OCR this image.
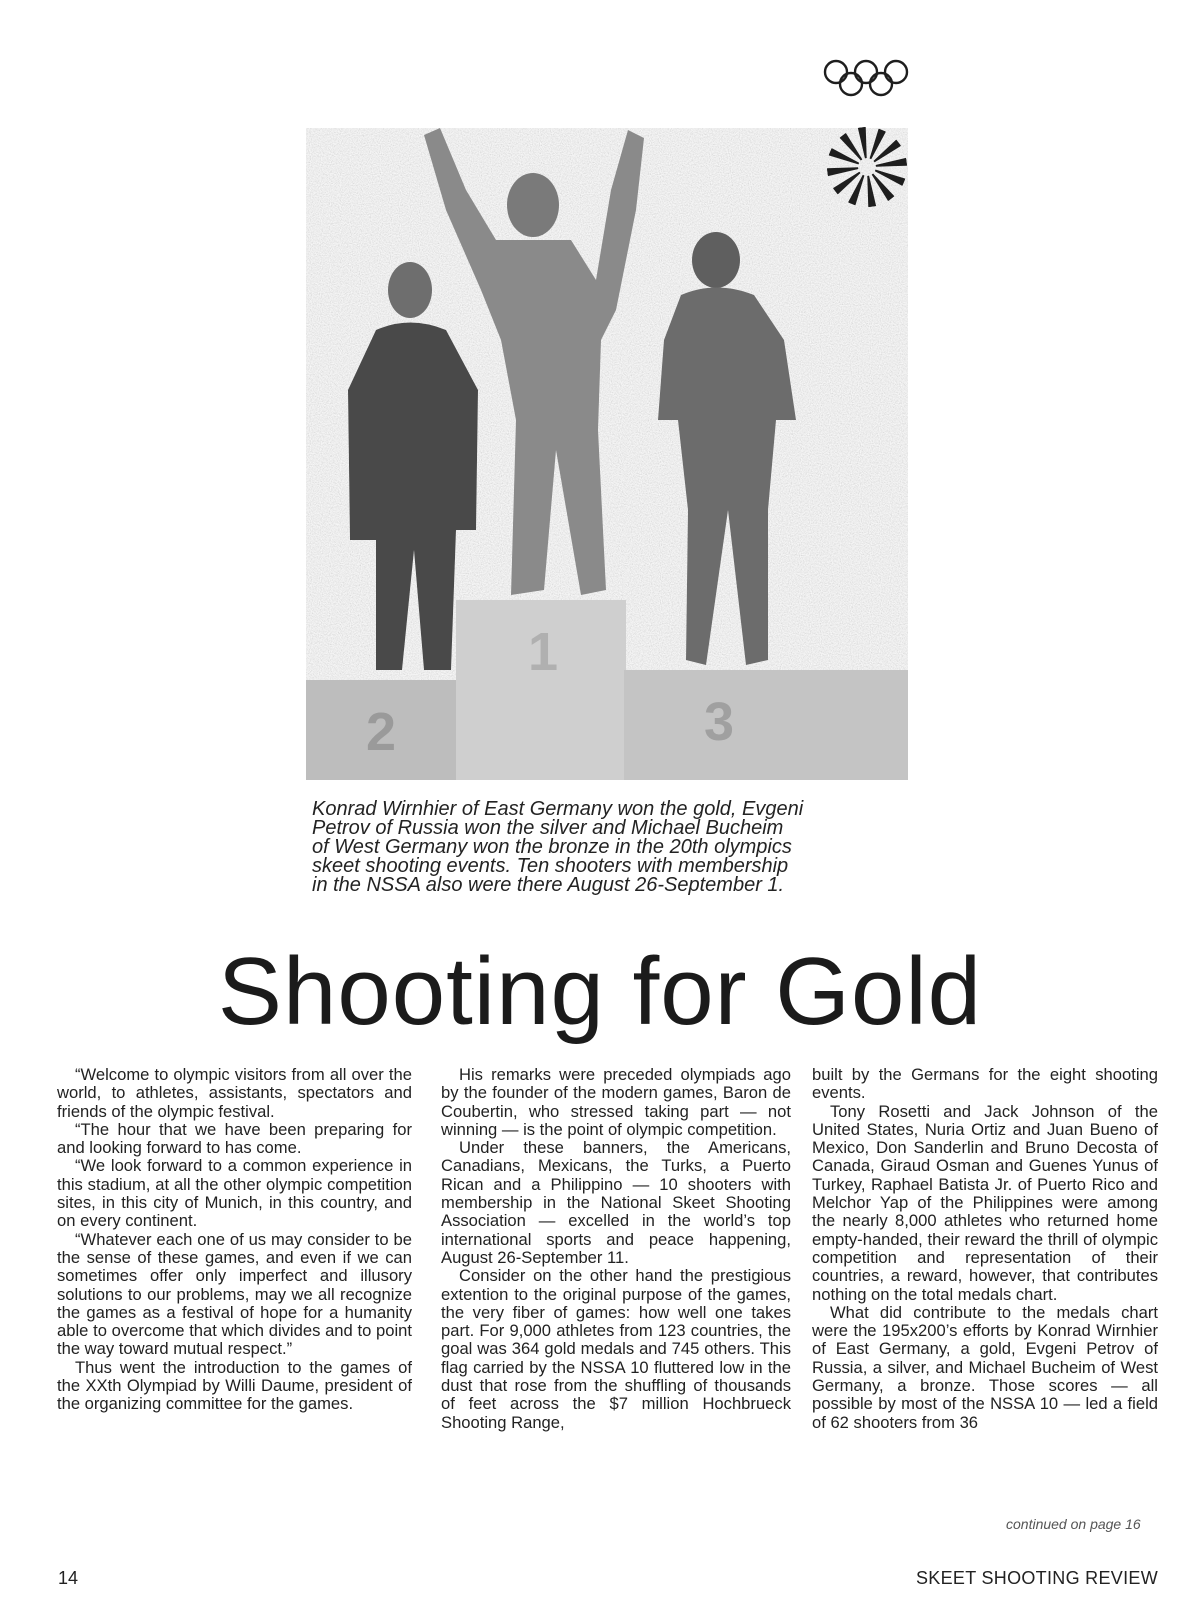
2
1
3

Konrad Wirnhier of East Germany won the gold, Evgeni

Petrov of Russia won the silver and Michael Bucheim

of West Germany won the bronze in the 20th olympics

skeet shooting events. Ten shooters with membership

in the NSSA also were there August 26-September 1.

Shooting for Gold

“Welcome to olympic visitors from all over the world, to athletes, assistants, spectators and friends of the olympic festival.

“The hour that we have been preparing for and looking forward to has come.

“We look forward to a common experience in this stadium, at all the other olympic competition sites, in this city of Munich, in this country, and on every continent.

“Whatever each one of us may consider to be the sense of these games, and even if we can sometimes offer only imperfect and illusory solutions to our problems, may we all recognize the games as a festival of hope for a humanity able to overcome that which divides and to point the way toward mutual respect.”

Thus went the introduction to the games of the XXth Olympiad by Willi Daume, president of the organizing committee for the games.

His remarks were preceded olympiads ago by the founder of the modern games, Baron de Coubertin, who stressed taking part — not winning — is the point of olympic competition.

Under these banners, the Americans, Canadians, Mexicans, the Turks, a Puerto Rican and a Philippino — 10 shooters with membership in the National Skeet Shooting Association — excelled in the world’s top international sports and peace happening, August 26-September 11.

Consider on the other hand the prestigious extention to the original purpose of the games, the very fiber of games: how well one takes part. For 9,000 athletes from 123 countries, the goal was 364 gold medals and 745 others. This flag carried by the NSSA 10 fluttered low in the dust that rose from the shuffling of thousands of feet across the $7 million Hochbrueck Shooting Range,

built by the Germans for the eight shooting events.

Tony Rosetti and Jack Johnson of the United States, Nuria Ortiz and Juan Bueno of Mexico, Don Sanderlin and Bruno Decosta of Canada, Giraud Osman and Guenes Yunus of Turkey, Raphael Batista Jr. of Puerto Rico and Melchor Yap of the Philippines were among the nearly 8,000 athletes who returned home empty-handed, their reward the thrill of olympic competition and representation of their countries, a reward, however, that contributes nothing on the total medals chart.

What did contribute to the medals chart were the 195x200’s efforts by Konrad Wirnhier of East Germany, a gold, Evgeni Petrov of Russia, a silver, and Michael Bucheim of West Germany, a bronze. Those scores — all possible by most of the NSSA 10 — led a field of 62 shooters from 36

continued on page 16
14	SKEET SHOOTING REVIEW
